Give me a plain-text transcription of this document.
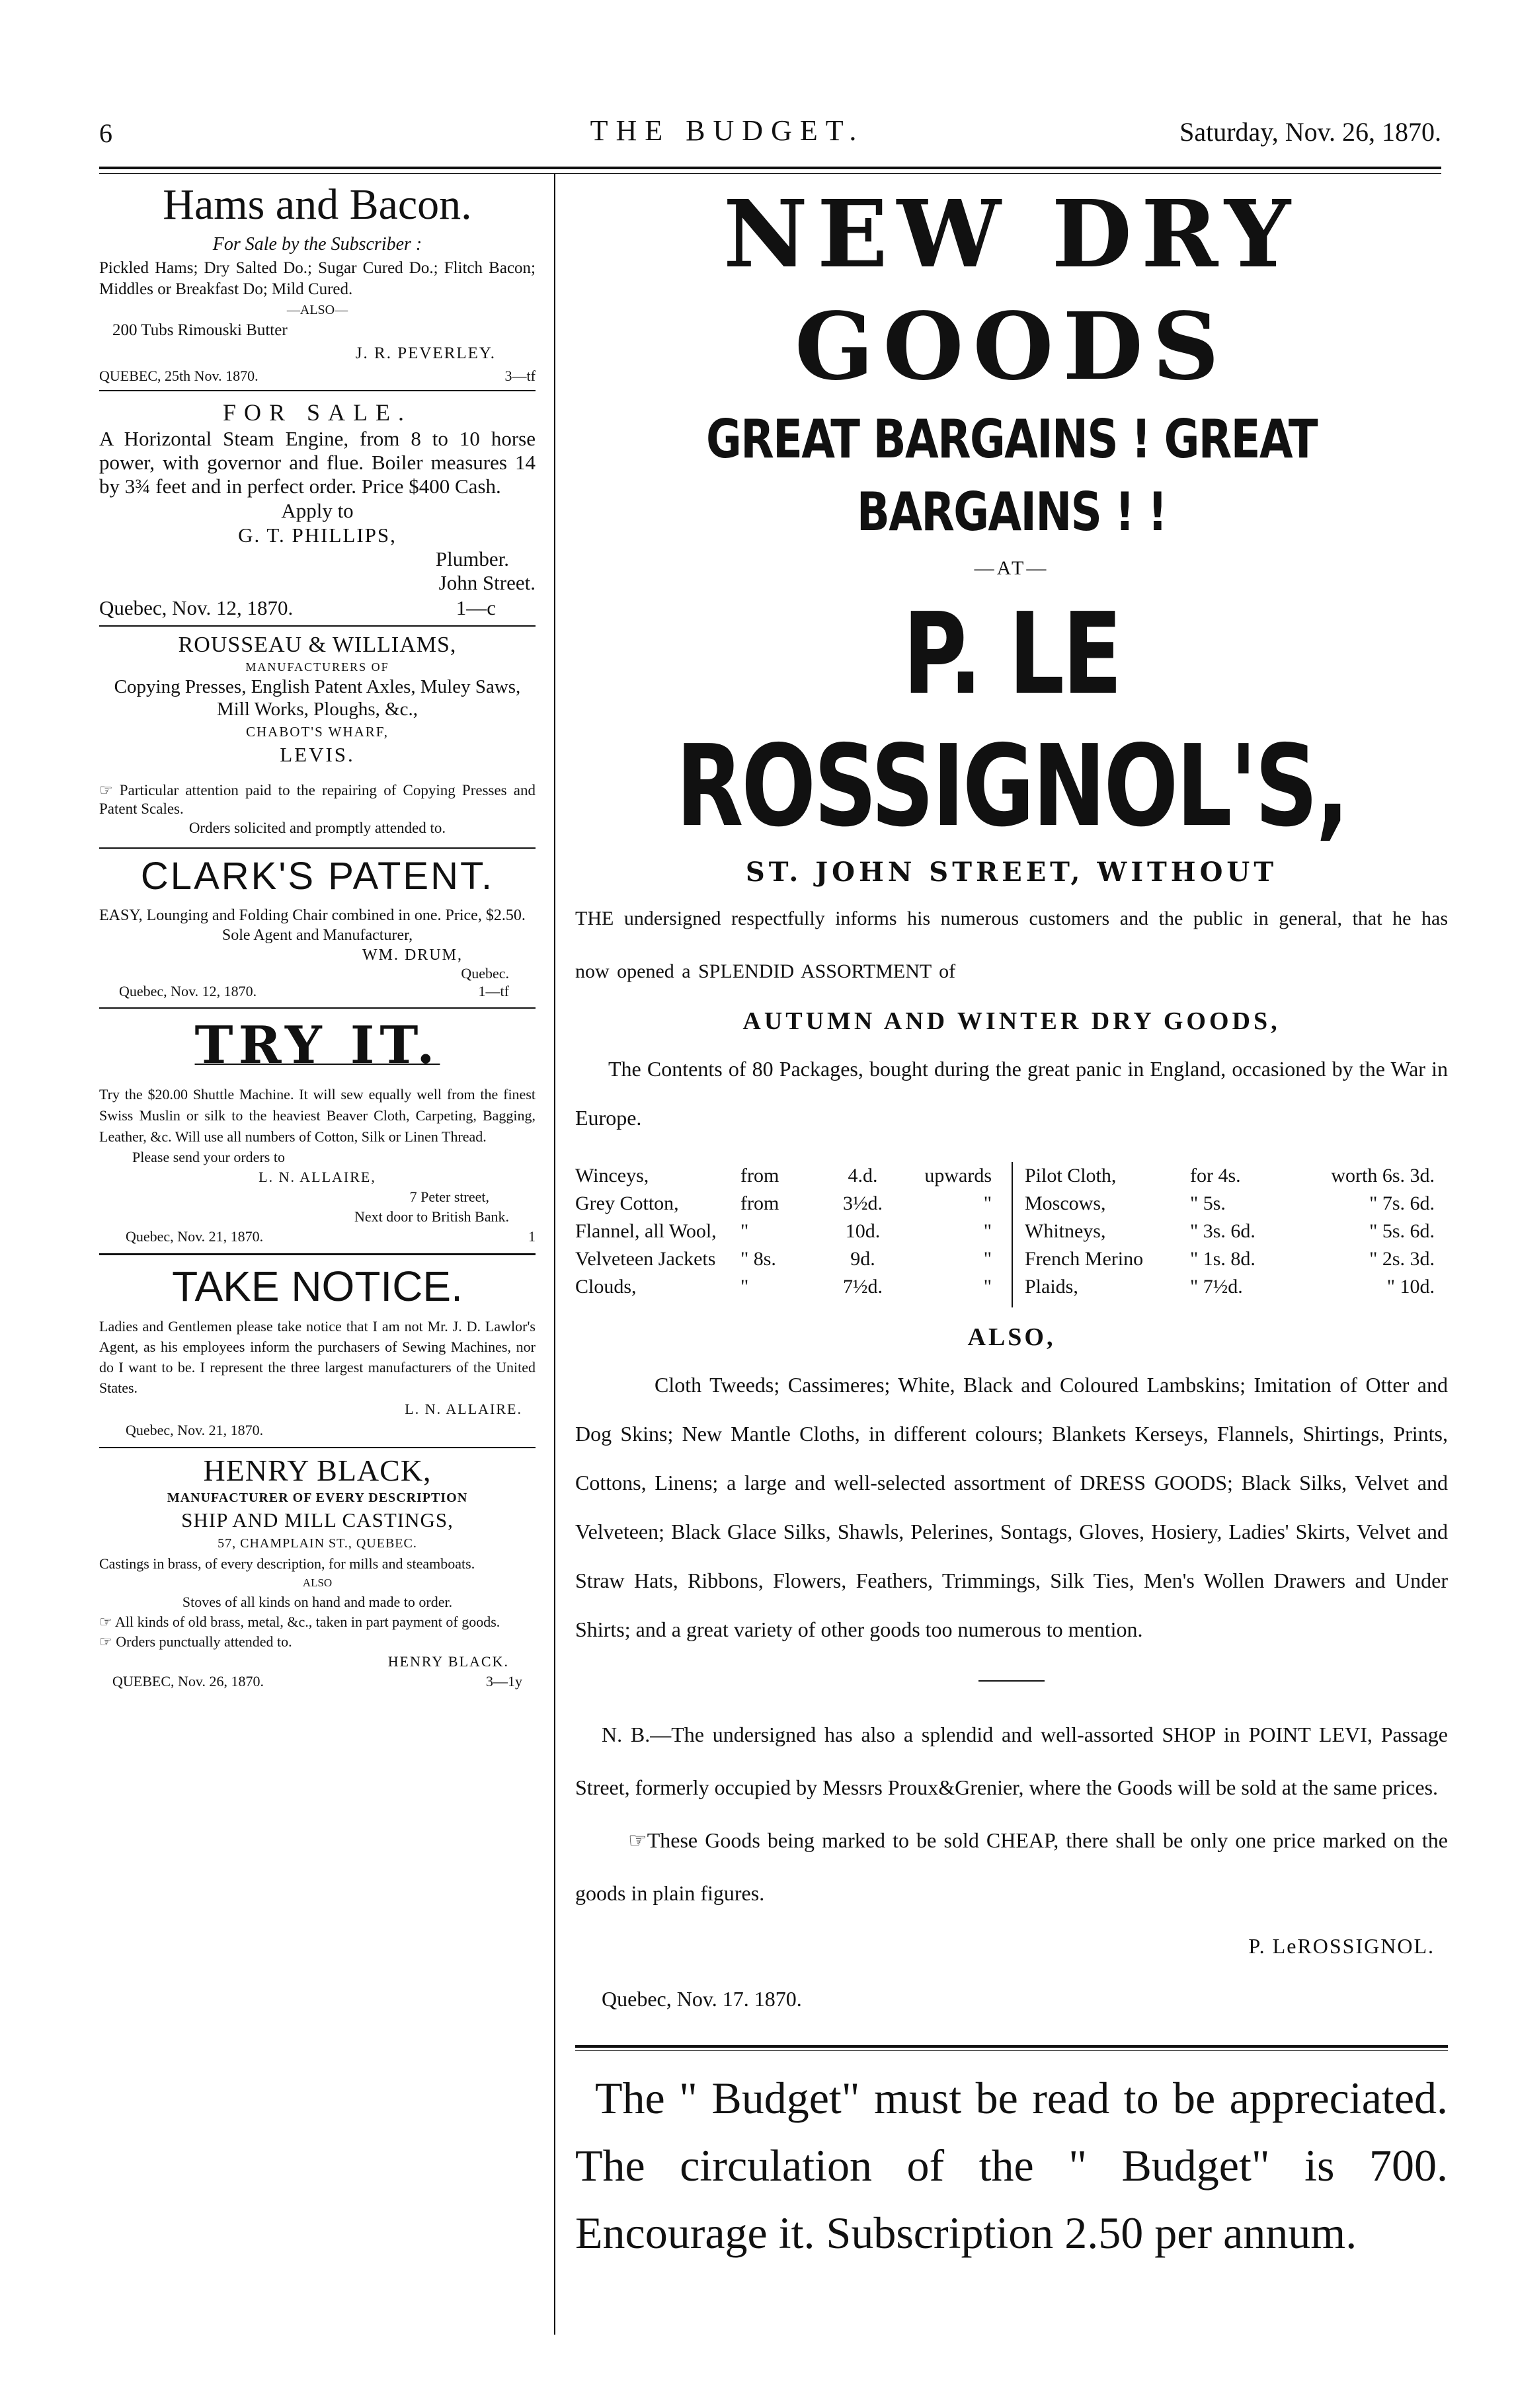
6	THE BUDGET.	Saturday, Nov. 26, 1870.
Hams and Bacon.
For Sale by the Subscriber :
Pickled Hams; Dry Salted Do.; Sugar Cured Do.; Flitch Bacon; Middles or Breakfast Do; Mild Cured.
—ALSO—
200 Tubs Rimouski Butter
J. R. PEVERLEY.
QUEBEC, 25th Nov. 1870.	3—tf
FOR SALE.
A Horizontal Steam Engine, from 8 to 10 horse power, with governor and flue. Boiler measures 14 by 3¾ feet and in perfect order. Price $400 Cash.
Apply to
G. T. PHILLIPS,
Plumber.
John Street.
Quebec, Nov. 12, 1870.	1—c
ROUSSEAU & WILLIAMS,
MANUFACTURERS OF
Copying Presses, English Patent Axles, Muley Saws, Mill Works, Ploughs, &c.,
CHABOT'S WHARF,
LEVIS.
☞ Particular attention paid to the repairing of Copying Presses and Patent Scales.
Orders solicited and promptly attended to.
CLARK'S PATENT.
EASY, Lounging and Folding Chair combined in one. Price, $2.50.
Sole Agent and Manufacturer,
WM. DRUM,
Quebec.
Quebec, Nov. 12, 1870.	1—tf
TRY IT.
Try the $20.00 Shuttle Machine. It will sew equally well from the finest Swiss Muslin or silk to the heaviest Beaver Cloth, Carpeting, Bagging, Leather, &c. Will use all numbers of Cotton, Silk or Linen Thread.
Please send your orders to
L. N. ALLAIRE,
7 Peter street,
Next door to British Bank.
Quebec, Nov. 21, 1870.	1
TAKE NOTICE.
Ladies and Gentlemen please take notice that I am not Mr. J. D. Lawlor's Agent, as his employees inform the purchasers of Sewing Machines, nor do I want to be. I represent the three largest manufacturers of the United States.
L. N. ALLAIRE.
Quebec, Nov. 21, 1870.
HENRY BLACK,
MANUFACTURER OF EVERY DESCRIPTION
SHIP AND MILL CASTINGS,
57, CHAMPLAIN ST., QUEBEC.
Castings in brass, of every description, for mills and steamboats.
ALSO
Stoves of all kinds on hand and made to order.
☞ All kinds of old brass, metal, &c., taken in part payment of goods.
☞ Orders punctually attended to.
HENRY BLACK.
QUEBEC, Nov. 26, 1870.	3—1y
NEW DRY GOODS
GREAT BARGAINS ! GREAT BARGAINS ! !
—AT—
P. LE ROSSIGNOL'S,
ST. JOHN STREET, WITHOUT
THE undersigned respectfully informs his numerous customers and the public in general, that he has now opened a SPLENDID ASSORTMENT of
AUTUMN AND WINTER DRY GOODS,
The Contents of 80 Packages, bought during the great panic in England, occasioned by the War in Europe.
Winceys,	from	4.d. upwards
Grey Cotton,	from	3½d.	"
Flannel, all Wool, "	10d.	"
Velveteen Jackets " 8s.	9d.	"
Clouds,	"	7½d.	"
Pilot Cloth,	for 4s.	worth 6s. 3d.
Moscows,	" 5s.	" 7s. 6d.
Whitneys,	" 3s. 6d.	" 5s. 6d.
French Merino " 1s. 8d.	" 2s. 3d.
Plaids,	" 7½d.	" 10d.
ALSO,
Cloth Tweeds; Cassimeres; White, Black and Coloured Lambskins; Imitation of Otter and Dog Skins; New Mantle Cloths, in different colours; Blankets Kerseys, Flannels, Shirtings, Prints, Cottons, Linens; a large and well-selected assortment of DRESS GOODS; Black Silks, Velvet and Velveteen; Black Glace Silks, Shawls, Pelerines, Sontags, Gloves, Hosiery, Ladies' Skirts, Velvet and Straw Hats, Ribbons, Flowers, Feathers, Trimmings, Silk Ties, Men's Wollen Drawers and Under Shirts; and a great variety of other goods too numerous to mention.
N. B.—The undersigned has also a splendid and well-assorted SHOP in POINT LEVI, Passage Street, formerly occupied by Messrs Proux&Grenier, where the Goods will be sold at the same prices.
☞These Goods being marked to be sold CHEAP, there shall be only one price marked on the goods in plain figures.
P. LeROSSIGNOL.
Quebec, Nov. 17. 1870.
The " Budget" must be read to be appreciated. The circulation of the " Budget" is 700. Encourage it. Subscription 2.50 per annum.
